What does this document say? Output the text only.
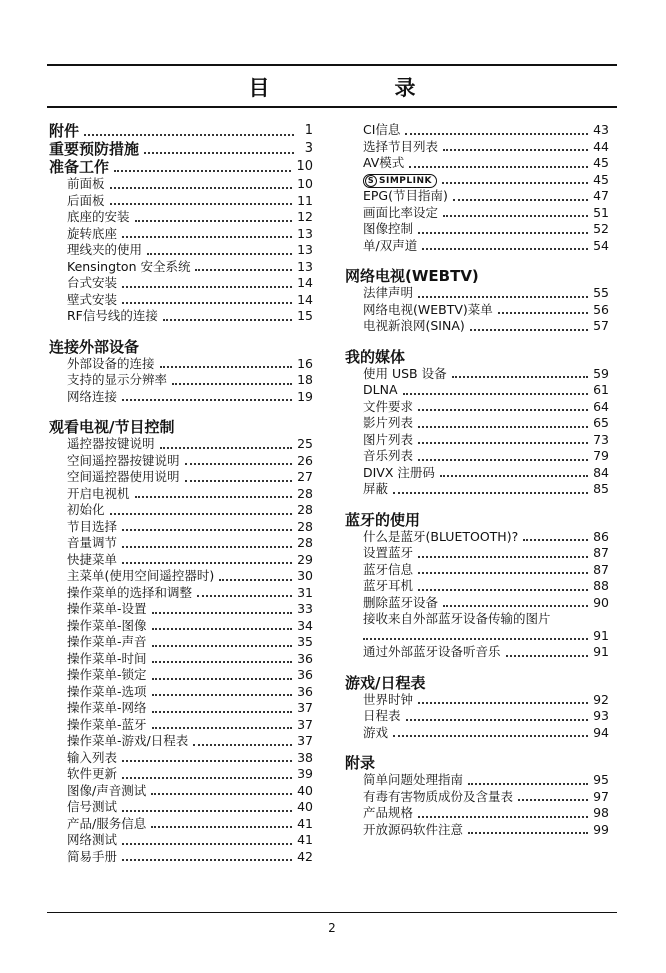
目　录
附件	1
重要预防措施	3
准备工作	10
前面板	10
后面板	11
底座的安装	12
旋转底座	13
理线夹的使用	13
Kensington 安全系统	13
台式安装	14
壁式安装	14
RF信号线的连接	15
连接外部设备
外部设备的连接	16
支持的显示分辨率	18
网络连接	19
观看电视/节目控制
遥控器按键说明	25
空间遥控器按键说明	26
空间遥控器使用说明	27
开启电视机	28
初始化	28
节目选择	28
音量调节	28
快捷菜单	29
主菜单(使用空间遥控器时)	30
操作菜单的选择和调整	31
操作菜单-设置	33
操作菜单-图像	34
操作菜单-声音	35
操作菜单-时间	36
操作菜单-锁定	36
操作菜单-选项	36
操作菜单-网络	37
操作菜单-蓝牙	37
操作菜单-游戏/日程表	37
输入列表	38
软件更新	39
图像/声音测试	40
信号测试	40
产品/服务信息	41
网络测试	41
简易手册	42
CI信息	43
选择节目列表	44
AV模式	45
S SIMPLINK	45
EPG(节目指南)	47
画面比率设定	51
图像控制	52
单/双声道	54
网络电视(WEBTV)
法律声明	55
网络电视(WEBTV)菜单	56
电视新浪网(SINA)	57
我的媒体
使用 USB 设备	59
DLNA	61
文件要求	64
影片列表	65
图片列表	73
音乐列表	79
DIVX 注册码	84
屏蔽	85
蓝牙的使用
什么是蓝牙(BLUETOOTH)?	86
设置蓝牙	87
蓝牙信息	87
蓝牙耳机	88
删除蓝牙设备	90
接收来自外部蓝牙设备传输的图片
91
通过外部蓝牙设备听音乐	91
游戏/日程表
世界时钟	92
日程表	93
游戏	94
附录
简单问题处理指南	95
有毒有害物质成份及含量表	97
产品规格	98
开放源码软件注意	99
2
